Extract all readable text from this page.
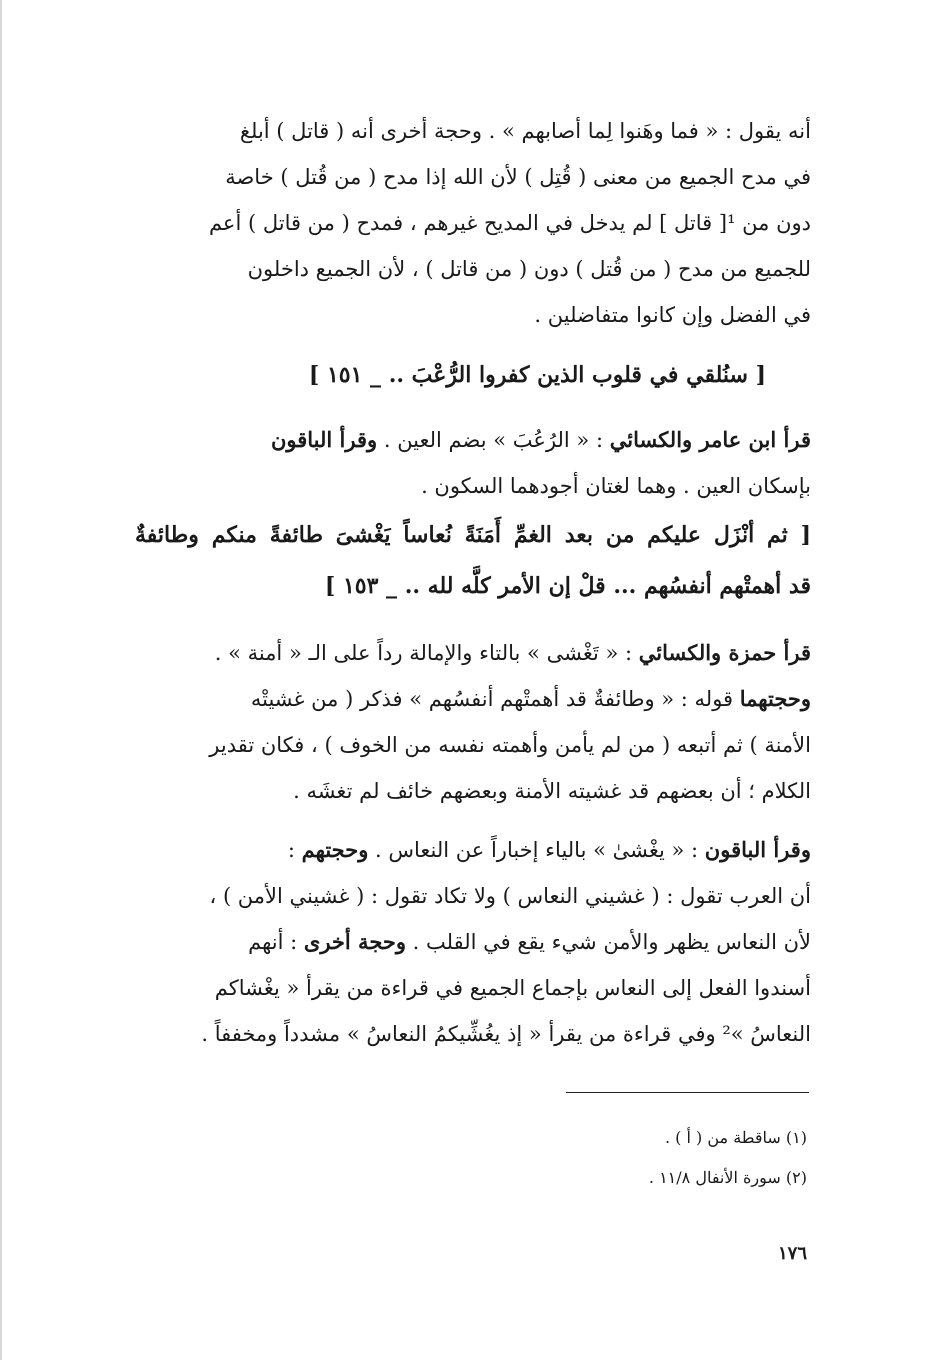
أنه يقول : « فما وهَنوا لِما أصابهم » . وحجة أخرى أنه ( قاتل ) أبلغ
في مدح الجميع من معنى ( قُتِل ) لأن الله إذا مدح ( من قُتل ) خاصة
دون من ¹[ قاتل ] لم يدخل في المديح غيرهم ، فمدح ( من قاتل ) أعم
للجميع من مدح ( من قُتل ) دون ( من قاتل ) ، لأن الجميع داخلون
في الفضل وإن كانوا متفاضلين .
[ سنُلقي في قلوب الذين كفروا الرُّعْبَ .. _ ١٥١ ]
قرأ ابن عامر والكسائي : « الرُعُبَ » بضم العين . وقرأ الباقون
بإسكان العين . وهما لغتان أجودهما السكون .
[ ثم أنْزَل عليكم من بعد الغمِّ أَمَنَةً نُعاساً يَغْشىَ طائفةً منكم وطائفةٌ
قد أهمتْهم أنفسُهم ... قلْ إن الأمر كلَّه لله .. _ ١٥٣ ]
قرأ حمزة والكسائي : « تَغْشى » بالتاء والإمالة رداً على الـ « أمنة » .
وحجتهما قوله : « وطائفةٌ قد أهمتْهم أنفسُهم » فذكر ( من غشيتْه
الأمنة ) ثم أتبعه ( من لم يأمن وأهمته نفسه من الخوف ) ، فكان تقدير
الكلام ؛ أن بعضهم قد غشيته الأمنة وبعضهم خائف لم تغشَه .
وقرأ الباقون : « يغْشىٰ » بالياء إخباراً عن النعاس . وحجتهم :
أن العرب تقول : ( غشيني النعاس ) ولا تكاد تقول : ( غشيني الأمن ) ،
لأن النعاس يظهر والأمن شيء يقع في القلب . وحجة أخرى : أنهم
أسندوا الفعل إلى النعاس بإجماع الجميع في قراءة من يقرأ « يغْشاكم
النعاسُ »² وفي قراءة من يقرأ « إذ يغُشِّيكمُ النعاسُ » مشدداً ومخففاً .
(١) ساقطة من ( أ ) .
(٢) سورة الأنفال ١١/٨ .
١٧٦
